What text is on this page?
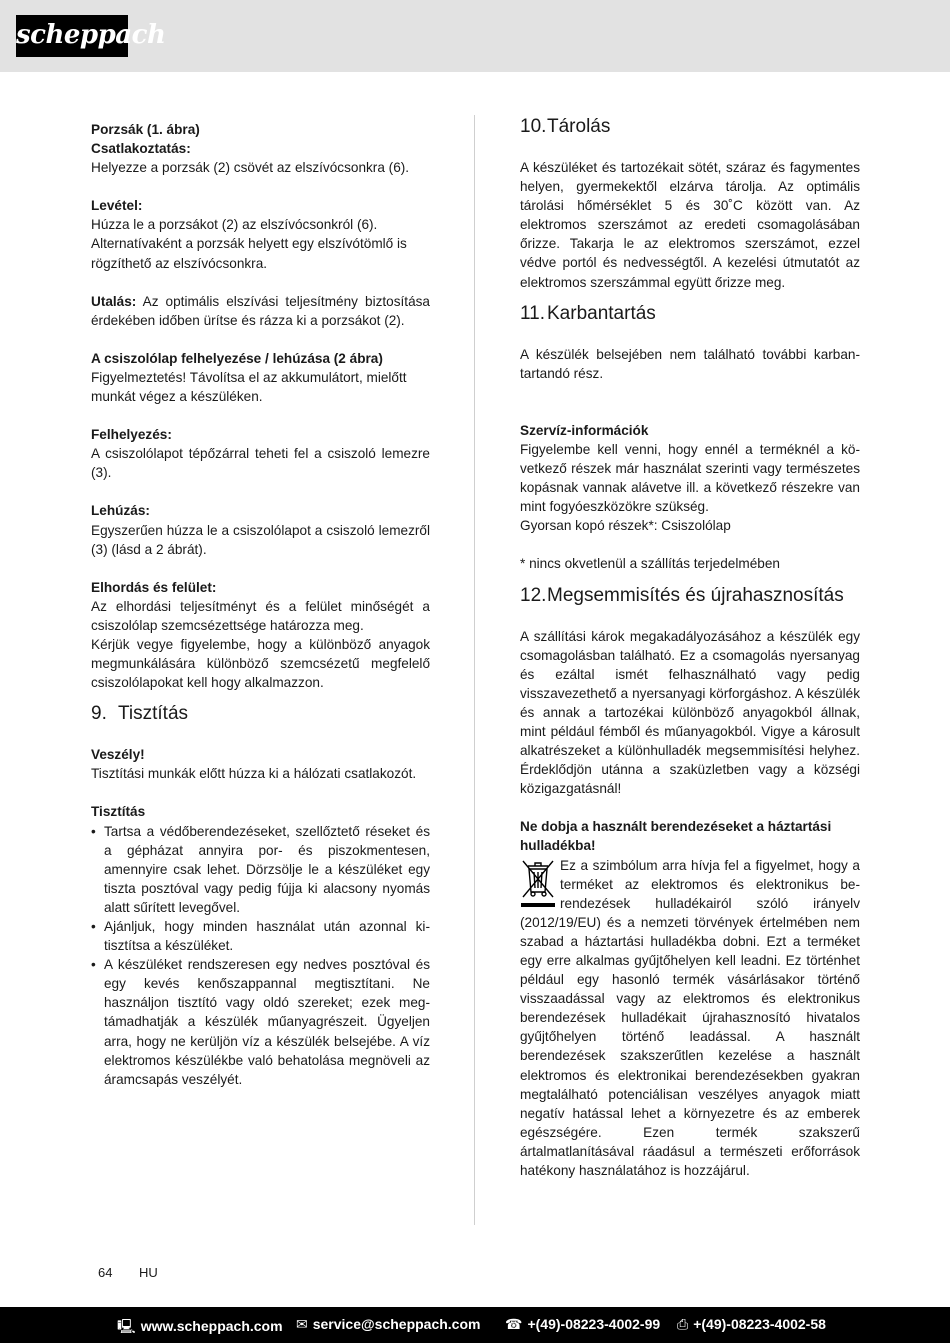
scheppach

Porzsák (1. ábra)

Csatlakoztatás:

Helyezze a porzsák (2) csövét az elszívócsonkra (6).

Levétel:

Húzza le a porzsákot (2) az elszívócsonkról (6). Alternatívaként a porzsák helyett egy elszívótömlő is rögzíthető az elszívócsonkra.

Utalás: Az optimális elszívási teljesítmény biztosítása érdekében időben ürítse és rázza ki a porzsákot (2).

A csiszolólap felhelyezése / lehúzása (2 ábra)

Figyelmeztetés! Távolítsa el az akkumulátort, mielőtt munkát végez a készüléken.

Felhelyezés:

A csiszolólapot tépőzárral teheti fel a csiszoló lemezre (3).

Lehúzás:

Egyszerűen húzza le a csiszolólapot a csiszoló lemezről (3) (lásd a 2 ábrát).

Elhordás és felület:

Az elhordási teljesítményt és a felület minőségét a csiszolólap szemcsézettsége határozza meg.

Kérjük vegye figyelembe, hogy a különböző anyagok megmunkálására különböző szemcsézetű megfelelő csiszolólapokat kell hogy alkalmazzon.

9. Tisztítás

Veszély!

Tisztítási munkák előtt húzza ki a hálózati csatlakozót.

Tisztítás

• Tartsa a védőberendezéseket, szellőztető réseket és a gépházat annyira por- és piszokmentesen, amennyire csak lehet. Dörzsölje le a készüléket egy tiszta posztóval vagy pedig fújja ki alacsony nyomás alatt sűrített levegővel.
• Ajánljuk, hogy minden használat után azonnal kitisztítsa a készüléket.
• A készüléket rendszeresen egy nedves posztóval és egy kevés kenőszappannal megtisztítani. Ne használjon tisztító vagy oldó szereket; ezek megtámadhatják a készülék műanyagrészeit. Ügyeljen arra, hogy ne kerüljön víz a készülék belsejébe. A víz elektromos készülékbe való behatolása megnöveli az áramcsapás veszélyét.
10.Tárolás

A készüléket és tartozékait sötét, száraz és fagymentes helyen, gyermekektől elzárva tárolja. Az optimális tárolási hőmérséklet 5 és 30˚C között van. Az elektromos szerszámot az eredeti csomagolásában őrizze. Takarja le az elektromos szerszámot, ezzel védve portól és nedvességtől. A kezelési útmutatót az elektromos szerszámmal együtt őrizze meg.

11. Karbantartás

A készülék belsejében nem található további karbantartandó rész.

Szervíz-információk

Figyelembe kell venni, hogy ennél a terméknél a következő részek már használat szerinti vagy természetes kopásnak vannak alávetve ill. a következő részekre van mint fogyóeszközökre szükség.

Gyorsan kopó részek*: Csiszolólap

* nincs okvetlenül a szállítás terjedelmében

12.Megsemmisítés és újrahasznosítás

A szállítási károk megakadályozásához a készülék egy csomagolásban található. Ez a csomagolás nyersanyag és ezáltal ismét felhasználható vagy pedig visszavezethető a nyersanyagi körforgáshoz. A készülék és annak a tartozékai különböző anyagokból állnak, mint például fémből és műanyagokból. Vigye a károsult alkatrészeket a különhulladék megsemmisítési helyhez. Érdeklődjön utánna a szaküzletben vagy a községi közigazgatásnál!

Ne dobja a használt berendezéseket a háztartási hulladékba!

Ez a szimbólum arra hívja fel a figyelmet, hogy a terméket az elektromos és elektronikus berendezések hulladékairól szóló irányelv (2012/19/EU) és a nemzeti törvények értelmében nem szabad a háztartási hulladékba dobni. Ezt a terméket egy erre alkalmas gyűjtőhelyen kell leadni. Ez történhet például egy hasonló termék vásárlásakor történő visszaadással vagy az elektromos és elektronikus berendezések hulladékait újrahasznosító hivatalos gyűjtőhelyen történő leadással. A használt berendezések szakszerűtlen kezelése a használt elektromos és elektronikai berendezésekben gyakran megtalálható potenciálisan veszélyes anyagok miatt negatív hatással lehet a környezetre és az emberek egészségére. Ezen termék szakszerű ártalmatlanításával ráadásul a természeti erőforrások hatékony használatához is hozzájárul.

64 HU
🖳 www.scheppach.com ✉ service@scheppach.com ☎ +(49)-08223-4002-99 ⎙ +(49)-08223-4002-58
